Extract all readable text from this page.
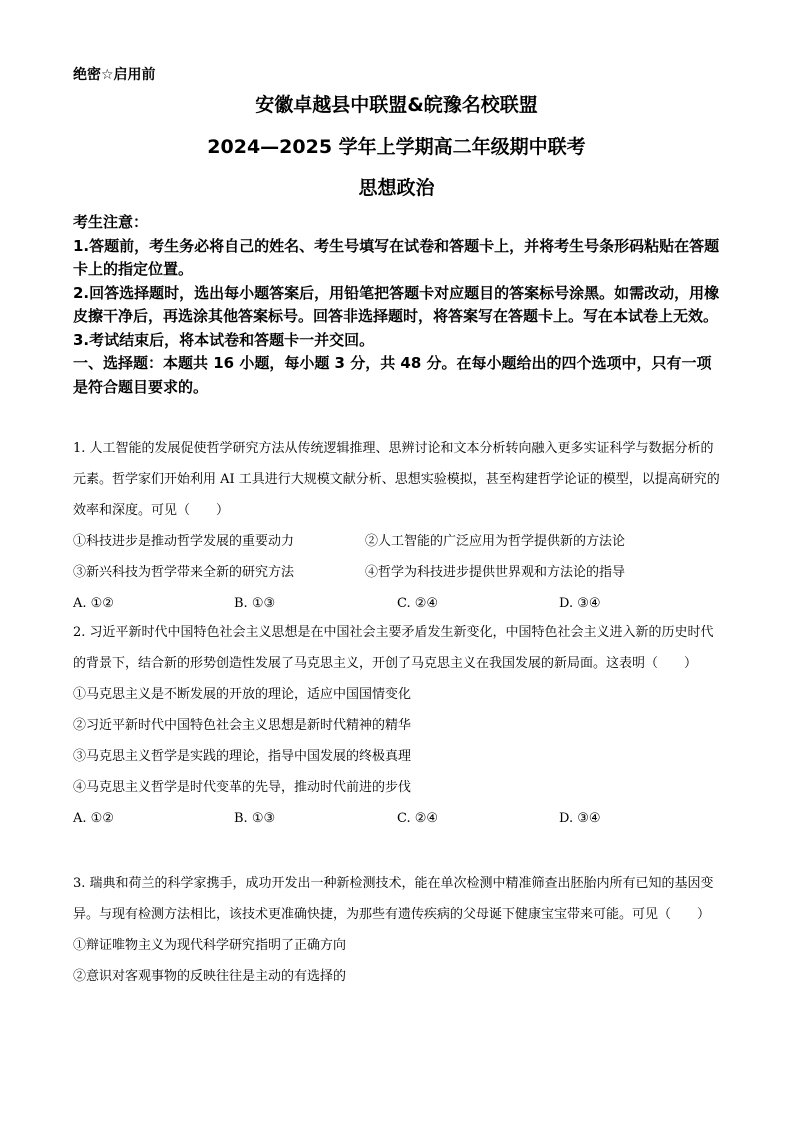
绝密☆启用前
安徽卓越县中联盟&皖豫名校联盟
2024—2025 学年上学期高二年级期中联考
思想政治

考生注意：

1.答题前，考生务必将自己的姓名、考生号填写在试卷和答题卡上，并将考生号条形码粘贴在答题卡上的指定位置。

2.回答选择题时，选出每小题答案后，用铅笔把答题卡对应题目的答案标号涂黑。如需改动，用橡皮擦干净后，再选涂其他答案标号。回答非选择题时，将答案写在答题卡上。写在本试卷上无效。

3.考试结束后，将本试卷和答题卡一并交回。

一、选择题：本题共 16 小题，每小题 3 分，共 48 分。在每小题给出的四个选项中，只有一项是符合题目要求的。

1. 人工智能的发展促使哲学研究方法从传统逻辑推理、思辨讨论和文本分析转向融入更多实证科学与数据分析的元素。哲学家们开始利用 AI 工具进行大规模文献分析、思想实验模拟，甚至构建哲学论证的模型，以提高研究的效率和深度。可见（　　）

①科技进步是推动哲学发展的重要动力	②人工智能的广泛应用为哲学提供新的方法论
③新兴科技为哲学带来全新的研究方法	④哲学为科技进步提供世界观和方法论的指导
A. ①②	B. ①③	C. ②④	D. ③④

2. 习近平新时代中国特色社会主义思想是在中国社会主要矛盾发生新变化，中国特色社会主义进入新的历史时代的背景下，结合新的形势创造性发展了马克思主义，开创了马克思主义在我国发展的新局面。这表明（　　）

①马克思主义是不断发展的开放的理论，适应中国国情变化

②习近平新时代中国特色社会主义思想是新时代精神的精华

③马克思主义哲学是实践的理论，指导中国发展的终极真理

④马克思主义哲学是时代变革的先导，推动时代前进的步伐

A. ①②	B. ①③	C. ②④	D. ③④

3. 瑞典和荷兰的科学家携手，成功开发出一种新检测技术，能在单次检测中精准筛查出胚胎内所有已知的基因变异。与现有检测方法相比，该技术更准确快捷，为那些有遗传疾病的父母诞下健康宝宝带来可能。可见（　　）

①辩证唯物主义为现代科学研究指明了正确方向

②意识对客观事物的反映往往是主动的有选择的
